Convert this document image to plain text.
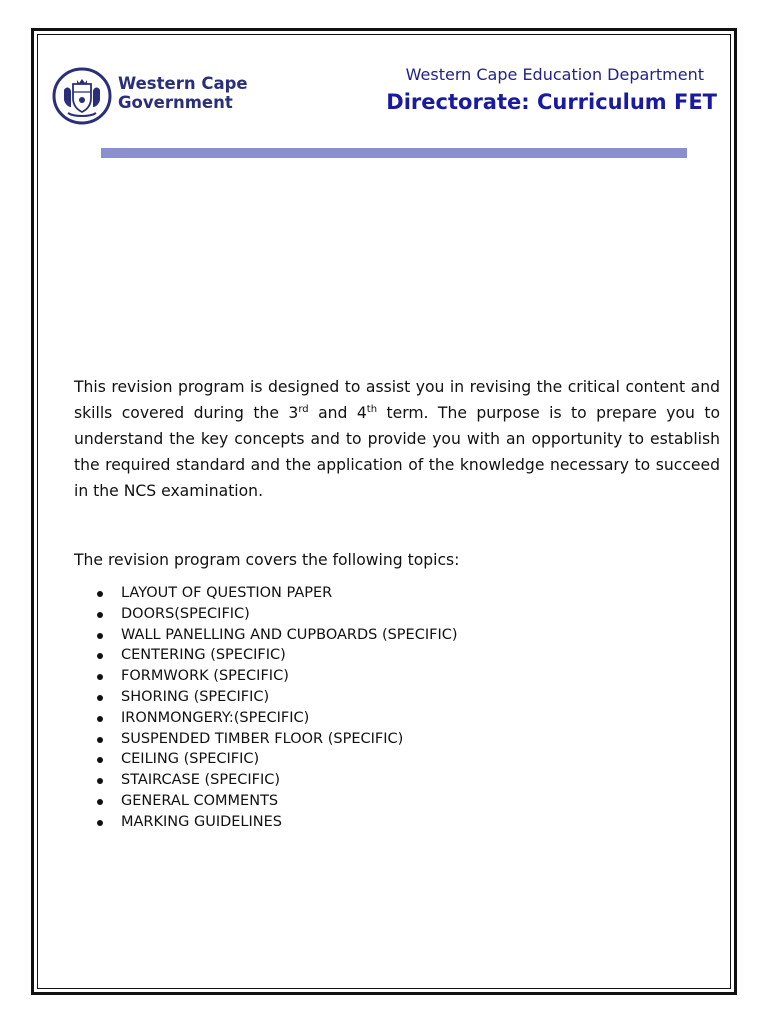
Western Cape
Government
Western Cape Education Department
Directorate: Curriculum FET

This revision program is designed to assist you in revising the critical content and skills covered during the 3rd and 4th term. The purpose is to prepare you to understand the key concepts and to provide you with an opportunity to establish the required standard and the application of the knowledge necessary to succeed in the NCS examination.

The revision program covers the following topics:

LAYOUT OF QUESTION PAPER
DOORS(SPECIFIC)
WALL PANELLING AND CUPBOARDS (SPECIFIC)
CENTERING (SPECIFIC)
FORMWORK (SPECIFIC)
SHORING (SPECIFIC)
IRONMONGERY:(SPECIFIC)
SUSPENDED TIMBER FLOOR (SPECIFIC)
CEILING (SPECIFIC)
STAIRCASE (SPECIFIC)
GENERAL COMMENTS
MARKING GUIDELINES
